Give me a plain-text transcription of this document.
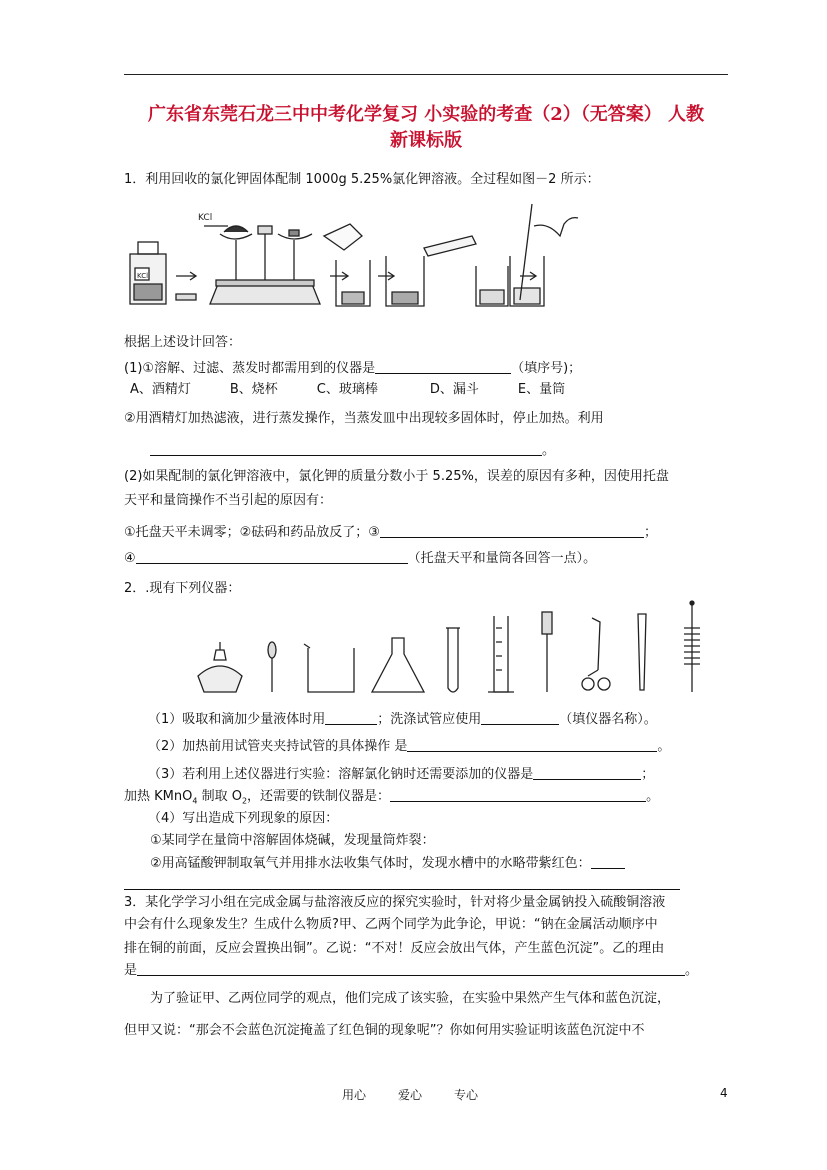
广东省东莞石龙三中中考化学复习 小实验的考查（2）（无答案） 人教
新课标版
1．利用回收的氯化钾固体配制 1000g 5.25%氯化钾溶液。全过程如图－2 所示：
KCl
KCl
根据上述设计回答：
(1)①溶解、过滤、蒸发时都需用到的仪器是	（填序号)；
A、酒精灯　　　B、烧杯　　　C、玻璃棒　　　　D、漏斗　　　E、量筒
②用酒精灯加热滤液，进行蒸发操作，当蒸发皿中出现较多固体时，停止加热。利用
。
(2)如果配制的氯化钾溶液中，氯化钾的质量分数小于 5.25%，误差的原因有多种，因使用托盘
天平和量筒操作不当引起的原因有：
①托盘天平未调零；②砝码和药品放反了；③	；
④	（托盘天平和量筒各回答一点）。
2．.现有下列仪器：
（1）吸取和滴加少量液体时用	；洗涤试管应使用	（填仪器名称）。
（2）加热前用试管夹夹持试管的具体操作 是	。
（3）若利用上述仪器进行实验：溶解氯化钠时还需要添加的仪器是	；
加热 KMnO$_4$ 制取 $O_2$，还需要的铁制仪器是：	。
（4）写出造成下列现象的原因：
①某同学在量筒中溶解固体烧碱，发现量筒炸裂：
②用高锰酸钾制取氧气并用排水法收集气体时，发现水槽中的水略带紫红色：
3．某化学学习小组在完成金属与盐溶液反应的探究实验时，针对将少量金属钠投入硫酸铜溶液
中会有什么现象发生？生成什么物质?甲、乙两个同学为此争论，甲说：“钠在金属活动顺序中
排在铜的前面，反应会置换出铜”。乙说：“不对！反应会放出气体，产生蓝色沉淀”。乙的理由
是	。
为了验证甲、乙两位同学的观点，他们完成了该实验，在实验中果然产生气体和蓝色沉淀，
但甲又说：“那会不会蓝色沉淀掩盖了红色铜的现象呢”？你如何用实验证明该蓝色沉淀中不
用心	爱心	专心	4
